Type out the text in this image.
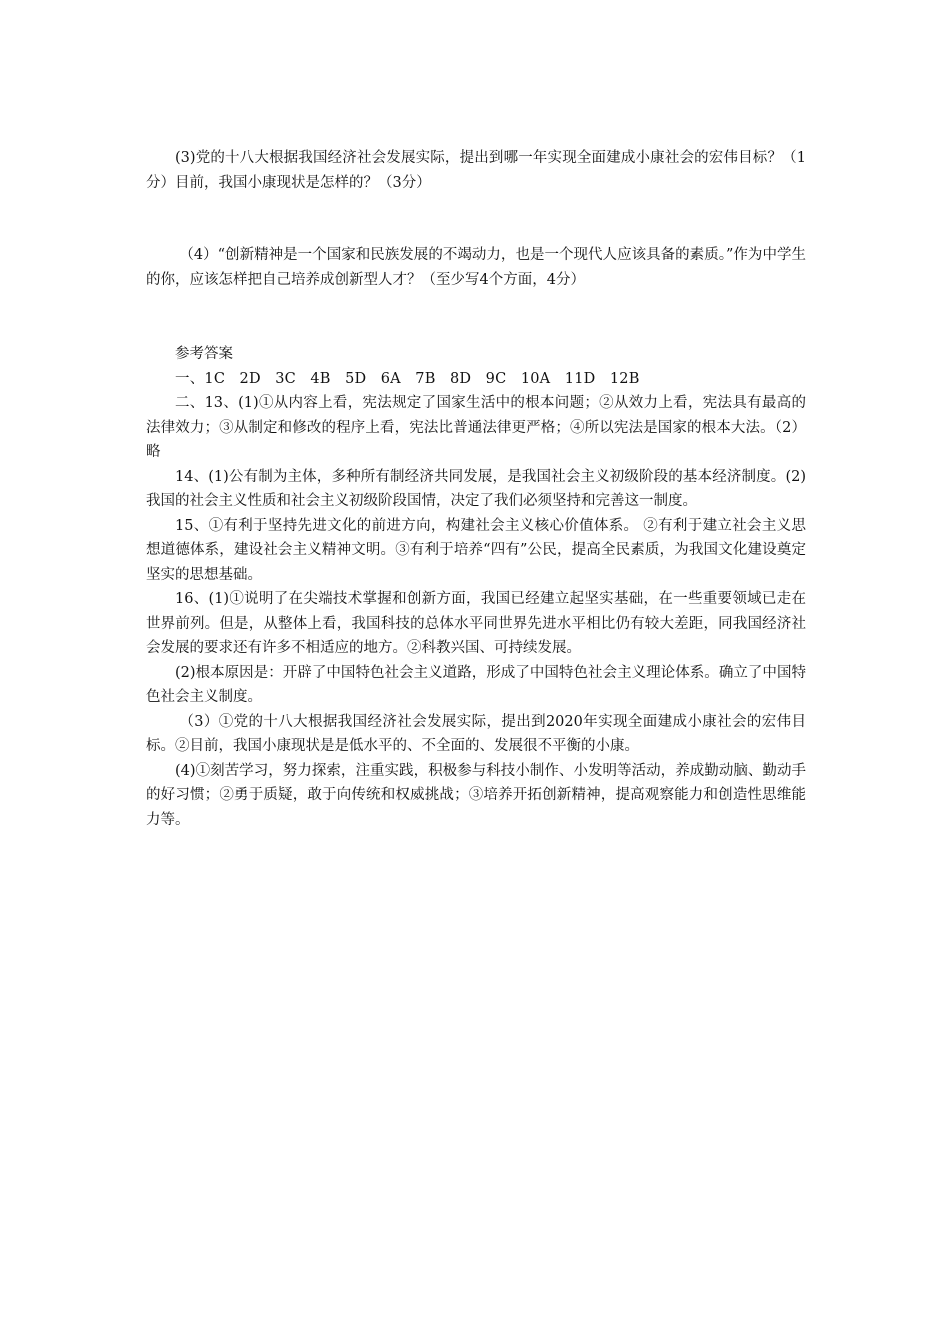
(3)党的十八大根据我国经济社会发展实际，提出到哪一年实现全面建成小康社会的宏伟目标？（1分）目前，我国小康现状是怎样的？（3分）

（4）“创新精神是一个国家和民族发展的不竭动力，也是一个现代人应该具备的素质。”作为中学生的你，应该怎样把自己培养成创新型人才？（至少写4个方面，4分）

参考答案

一、1C   2D   3C   4B   5D   6A   7B   8D   9C   10A   11D   12B

二、13、(1)①从内容上看，宪法规定了国家生活中的根本问题；②从效力上看，宪法具有最高的法律效力；③从制定和修改的程序上看，宪法比普通法律更严格；④所以宪法是国家的根本大法。（2）略

14、(1)公有制为主体，多种所有制经济共同发展，是我国社会主义初级阶段的基本经济制度。(2)我国的社会主义性质和社会主义初级阶段国情，决定了我们必须坚持和完善这一制度。

15、①有利于坚持先进文化的前进方向，构建社会主义核心价值体系。 ②有利于建立社会主义思想道德体系，建设社会主义精神文明。③有利于培养“四有”公民，提高全民素质，为我国文化建设奠定坚实的思想基础。

16、(1)①说明了在尖端技术掌握和创新方面，我国已经建立起坚实基础，在一些重要领域已走在世界前列。但是，从整体上看，我国科技的总体水平同世界先进水平相比仍有较大差距，同我国经济社会发展的要求还有许多不相适应的地方。②科教兴国、可持续发展。

(2)根本原因是：开辟了中国特色社会主义道路，形成了中国特色社会主义理论体系。确立了中国特色社会主义制度。

（3）①党的十八大根据我国经济社会发展实际，提出到2020年实现全面建成小康社会的宏伟目标。②目前，我国小康现状是是低水平的、不全面的、发展很不平衡的小康。

(4)①刻苦学习，努力探索，注重实践，积极参与科技小制作、小发明等活动，养成勤动脑、勤动手的好习惯；②勇于质疑，敢于向传统和权威挑战；③培养开拓创新精神，提高观察能力和创造性思维能力等。
